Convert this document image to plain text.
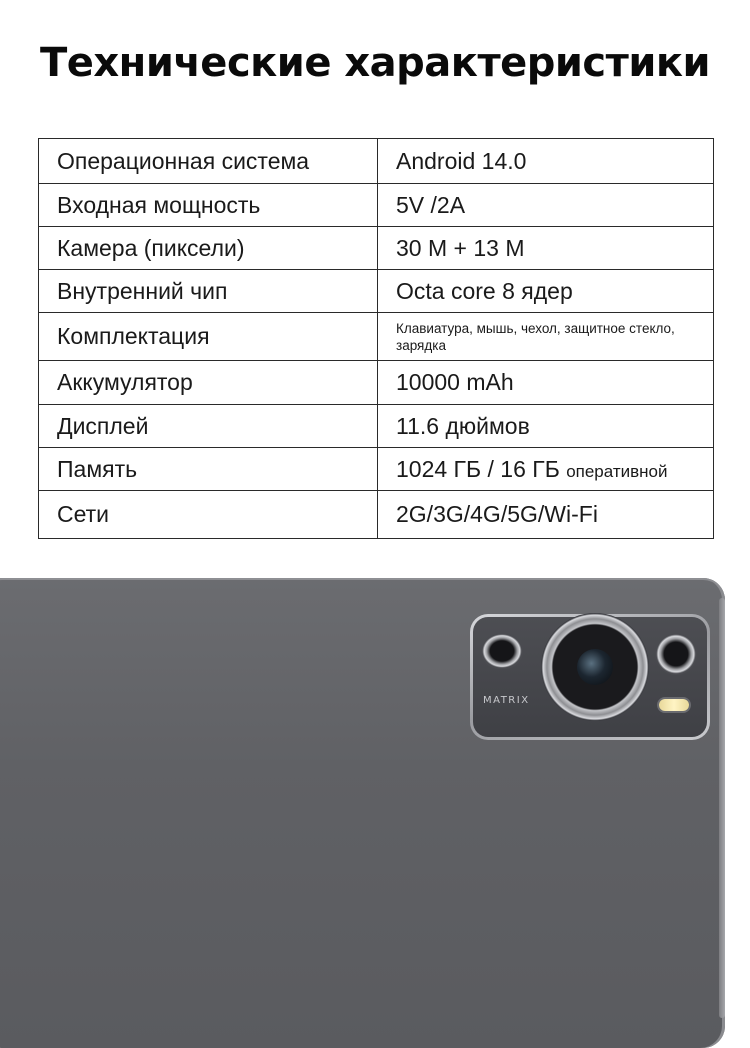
Технические характеристики
Операционная система	Android 14.0
Входная мощность	5V /2A
Камера (пиксели)	30 M + 13 M
Внутренний чип	Octa core 8 ядер
Комплектация	Клавиатура, мышь, чехол, защитное стекло, зарядка

Аккумулятор	10000 mAh
Дисплей	11.6 дюймов
Память	1024 ГБ / 16 ГБ оперативной
Сети	2G/3G/4G/5G/Wi-Fi
MATRIX
